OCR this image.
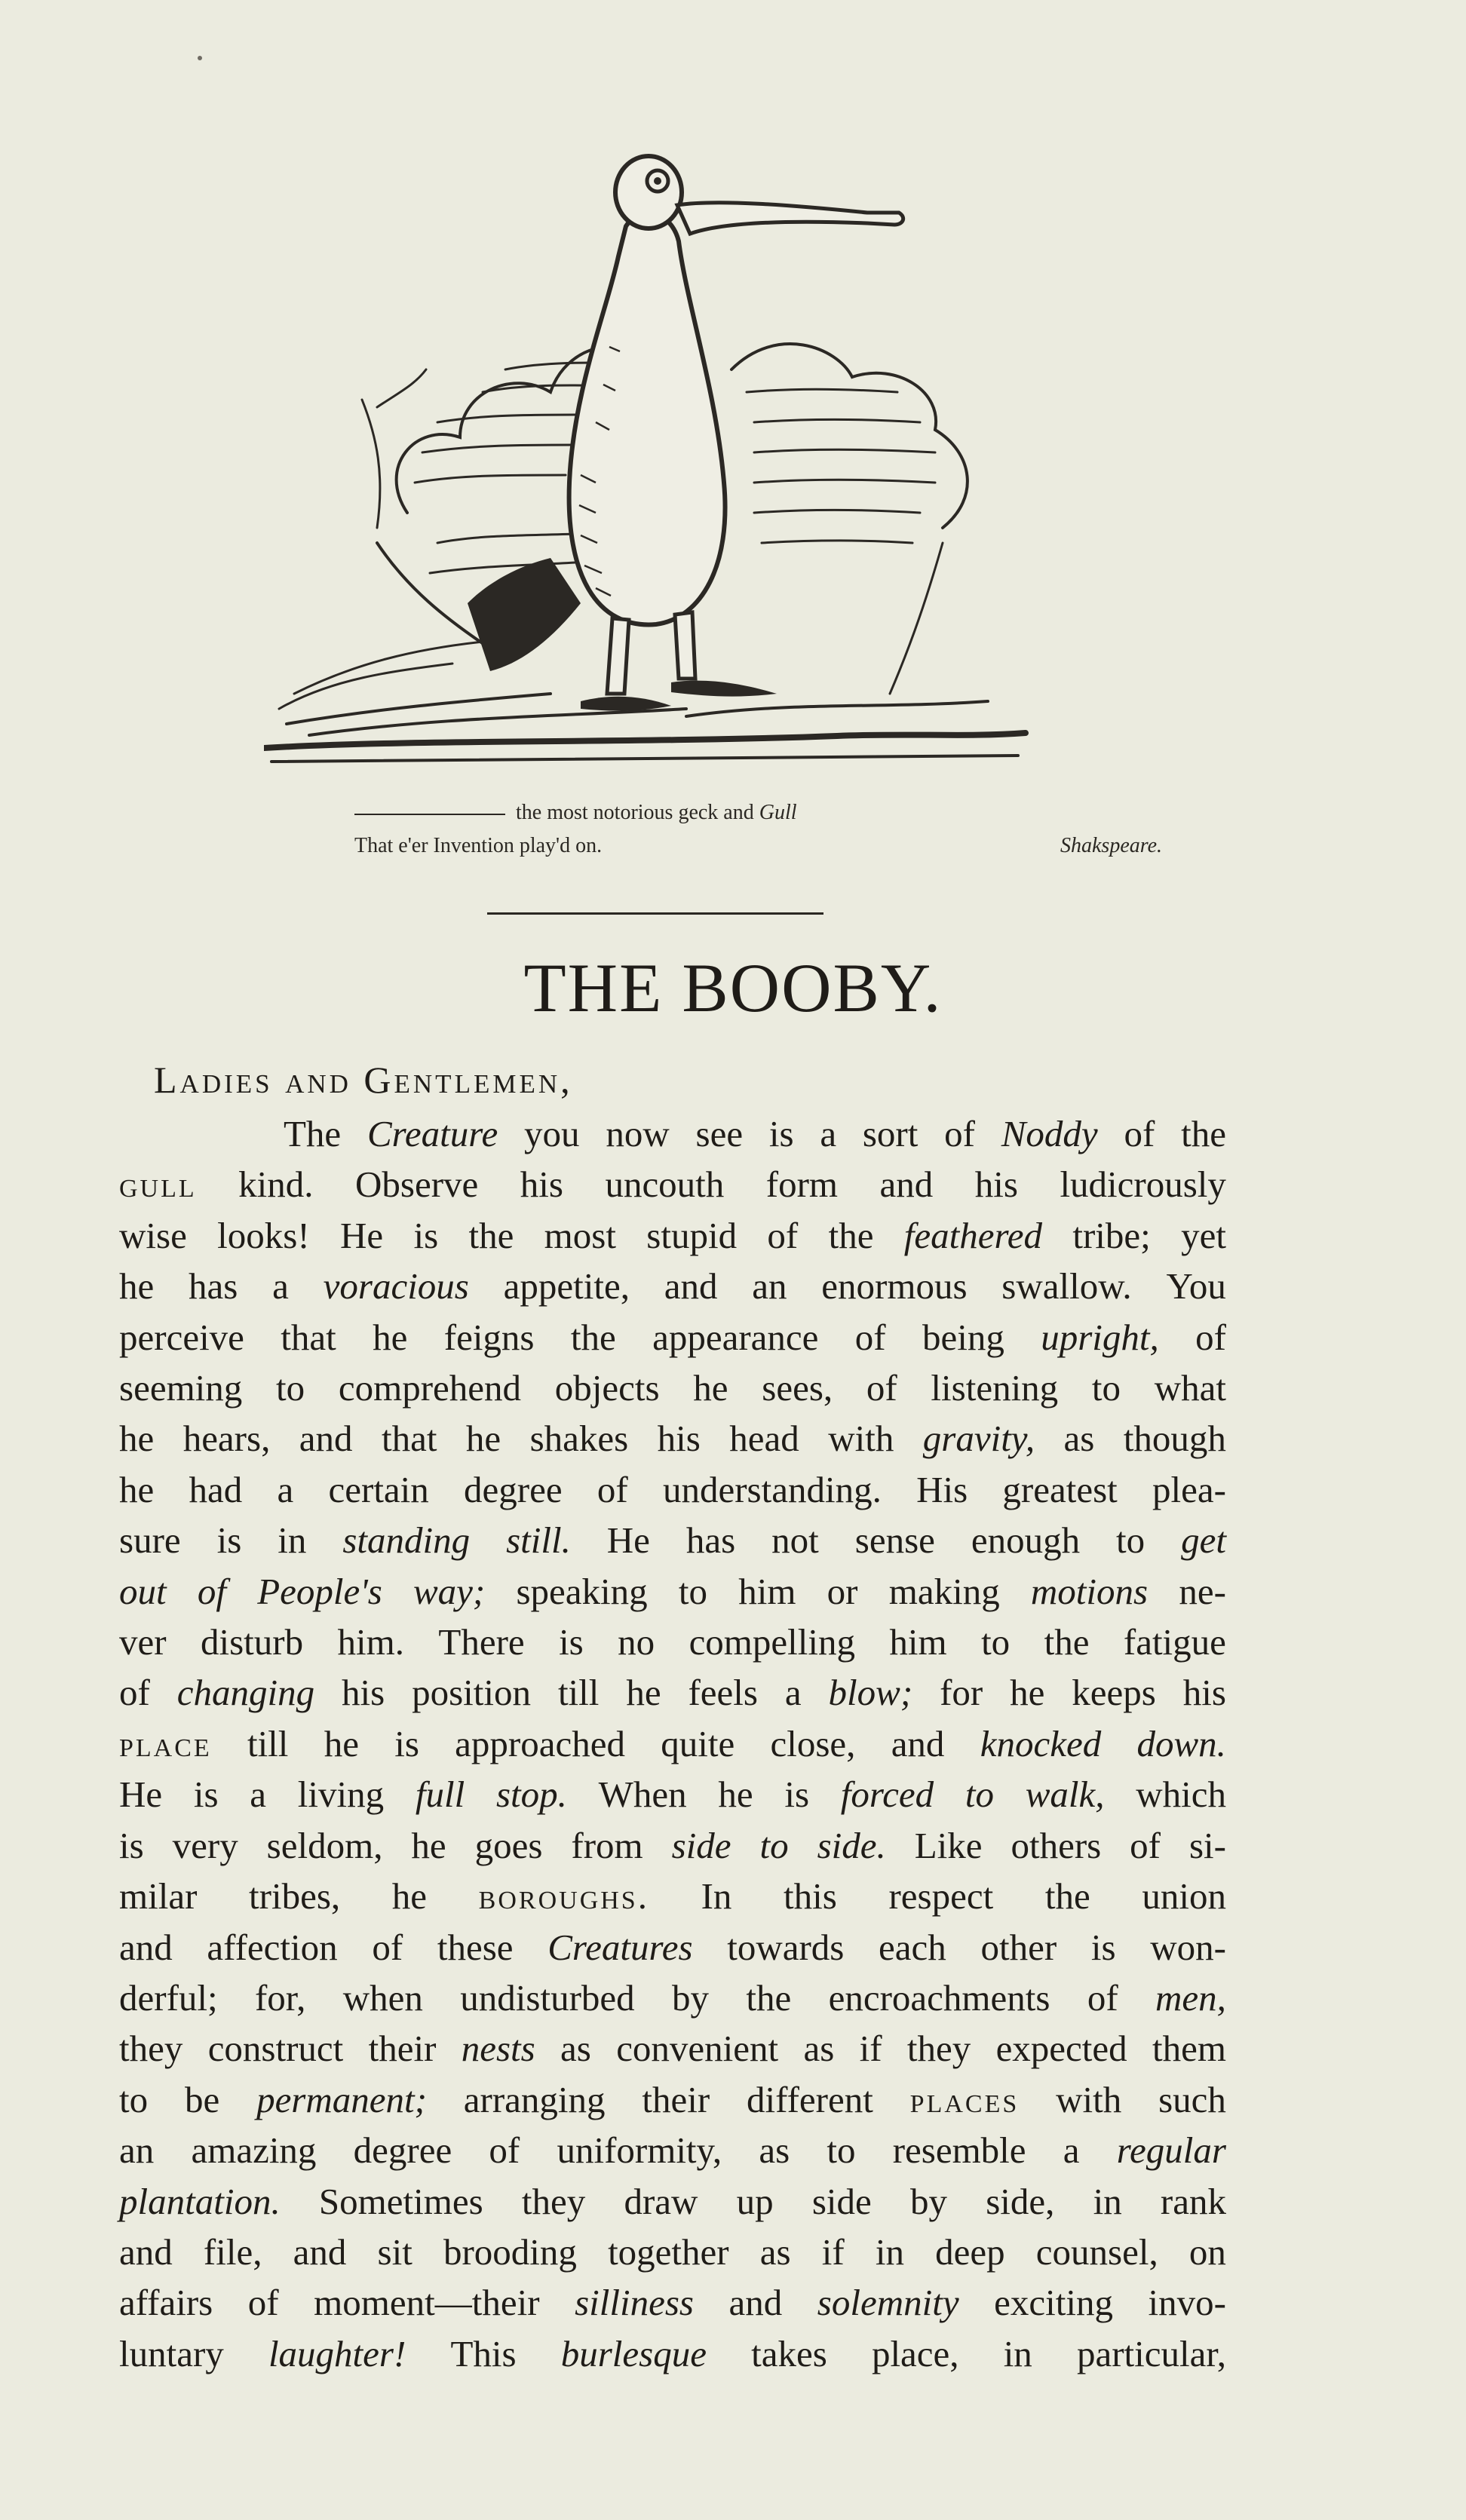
the most notorious geck and Gull
That e'er Invention play'd on.	Shakspeare.
THE BOOBY.
Ladies and Gentlemen,
The Creature you now see is a sort of Noddy of the
gull kind. Observe his uncouth form and his ludicrously
wise looks! He is the most stupid of the feathered tribe; yet
he has a voracious appetite, and an enormous swallow. You
perceive that he feigns the appearance of being upright, of
seeming to comprehend objects he sees, of listening to what
he hears, and that he shakes his head with gravity, as though
he had a certain degree of understanding. His greatest plea-
sure is in standing still. He has not sense enough to get
out of People's way; speaking to him or making motions ne-
ver disturb him. There is no compelling him to the fatigue
of changing his position till he feels a blow; for he keeps his
place till he is approached quite close, and knocked down.
He is a living full stop. When he is forced to walk, which
is very seldom, he goes from side to side. Like others of si-
milar tribes, he boroughs. In this respect the union
and affection of these Creatures towards each other is won-
derful; for, when undisturbed by the encroachments of men,
they construct their nests as convenient as if they expected them
to be permanent; arranging their different places with such
an amazing degree of uniformity, as to resemble a regular
plantation. Sometimes they draw up side by side, in rank
and file, and sit brooding together as if in deep counsel, on
affairs of moment—their silliness and solemnity exciting invo-
luntary laughter! This burlesque takes place, in particular,
